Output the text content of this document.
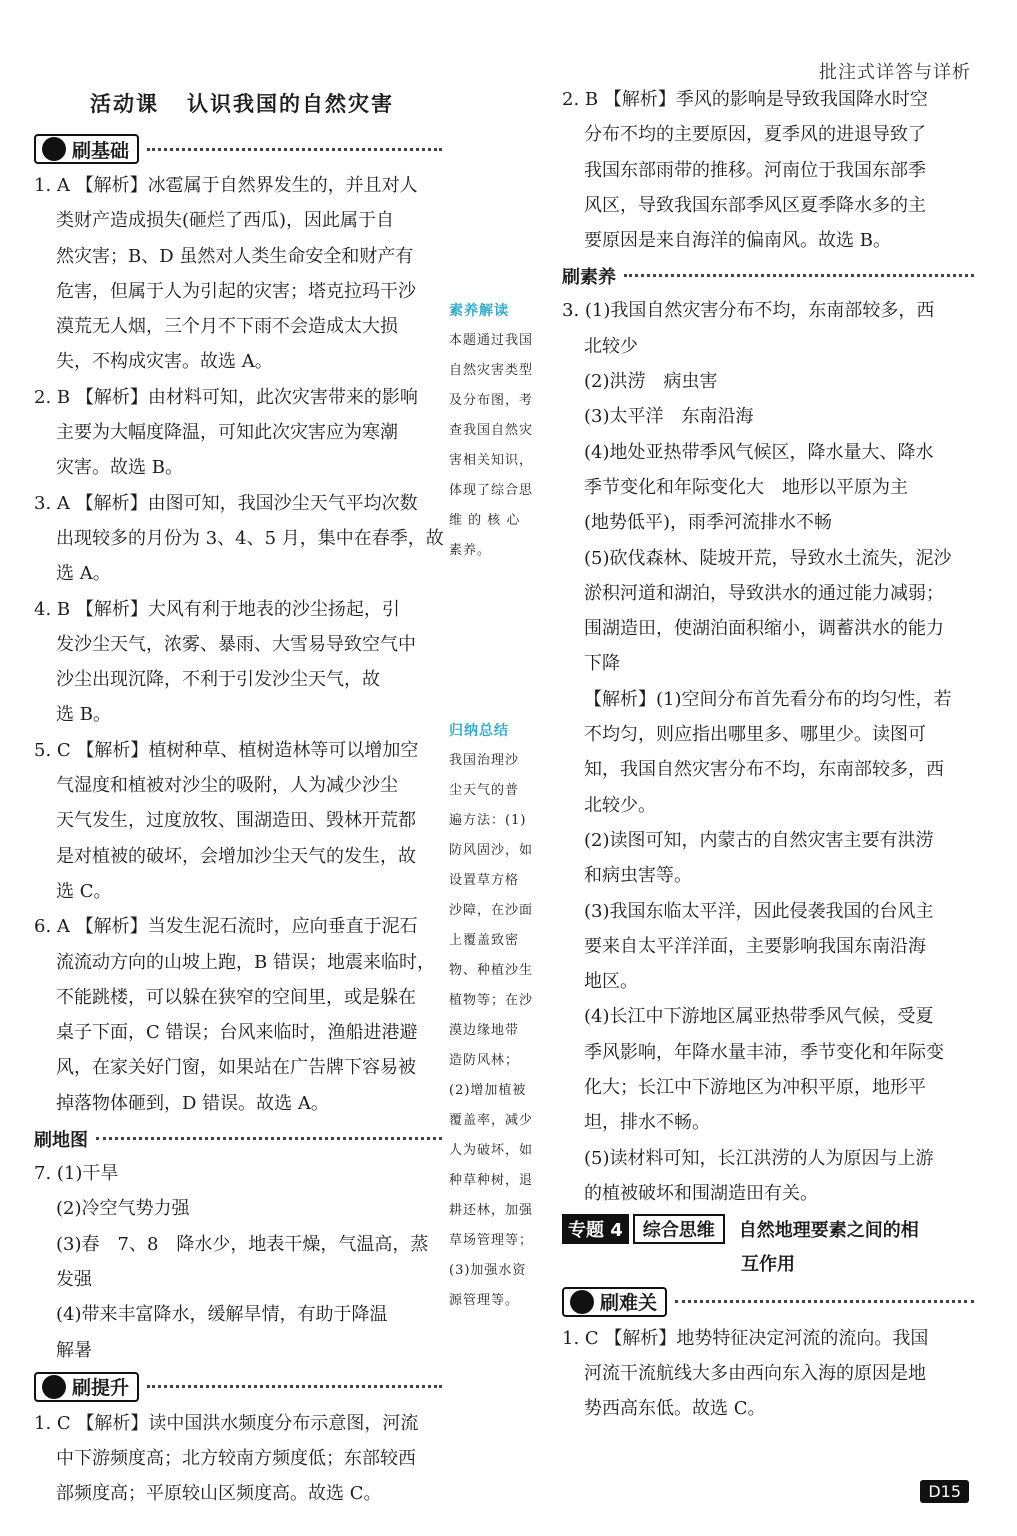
批注式详答与详析
活动课 认识我国的自然灾害
刷基础
1. A 【解析】冰雹属于自然界发生的，并且对人
类财产造成损失(砸烂了西瓜)，因此属于自
然灾害；B、D 虽然对人类生命安全和财产有
危害，但属于人为引起的灾害；塔克拉玛干沙
漠荒无人烟，三个月不下雨不会造成太大损
失，不构成灾害。故选 A。
2. B 【解析】由材料可知，此次灾害带来的影响
主要为大幅度降温，可知此次灾害应为寒潮
灾害。故选 B。
3. A 【解析】由图可知，我国沙尘天气平均次数
出现较多的月份为 3、4、5 月，集中在春季，故
选 A。
4. B 【解析】大风有利于地表的沙尘扬起，引
发沙尘天气，浓雾、暴雨、大雪易导致空气中
沙尘出现沉降，不利于引发沙尘天气，故
选 B。
5. C 【解析】植树种草、植树造林等可以增加空
气湿度和植被对沙尘的吸附，人为减少沙尘
天气发生，过度放牧、围湖造田、毁林开荒都
是对植被的破坏，会增加沙尘天气的发生，故
选 C。
6. A 【解析】当发生泥石流时，应向垂直于泥石
流流动方向的山坡上跑，B 错误；地震来临时，
不能跳楼，可以躲在狭窄的空间里，或是躲在
桌子下面，C 错误；台风来临时，渔船进港避
风，在家关好门窗，如果站在广告牌下容易被
掉落物体砸到，D 错误。故选 A。
刷地图
7. (1)干旱
(2)冷空气势力强
(3)春　7、8　降水少，地表干燥，气温高，蒸
发强
(4)带来丰富降水，缓解旱情，有助于降温
解暑
刷提升
1. C 【解析】读中国洪水频度分布示意图，河流
中下游频度高；北方较南方频度低；东部较西
部频度高；平原较山区频度高。故选 C。
素养解读
本题通过我国
自然灾害类型
及分布图，考
查我国自然灾
害相关知识，
体现了综合思
维 的 核 心
素养。
归纳总结
我国治理沙
尘天气的普
遍方法：(1)
防风固沙，如
设置草方格
沙障，在沙面
上覆盖致密
物、种植沙生
植物等；在沙
漠边缘地带
造防风林；
(2)增加植被
覆盖率，减少
人为破坏，如
种草种树，退
耕还林，加强
草场管理等；
(3)加强水资
源管理等。
2. B 【解析】季风的影响是导致我国降水时空
分布不均的主要原因，夏季风的进退导致了
我国东部雨带的推移。河南位于我国东部季
风区，导致我国东部季风区夏季降水多的主
要原因是来自海洋的偏南风。故选 B。
刷素养
3. (1)我国自然灾害分布不均，东南部较多，西
北较少
(2)洪涝　病虫害
(3)太平洋　东南沿海
(4)地处亚热带季风气候区，降水量大、降水
季节变化和年际变化大　地形以平原为主
(地势低平)，雨季河流排水不畅
(5)砍伐森林、陡坡开荒，导致水土流失，泥沙
淤积河道和湖泊，导致洪水的通过能力减弱；
围湖造田，使湖泊面积缩小，调蓄洪水的能力
下降
【解析】(1)空间分布首先看分布的均匀性，若
不均匀，则应指出哪里多、哪里少。读图可
知，我国自然灾害分布不均，东南部较多，西
北较少。
(2)读图可知，内蒙古的自然灾害主要有洪涝
和病虫害等。
(3)我国东临太平洋，因此侵袭我国的台风主
要来自太平洋洋面，主要影响我国东南沿海
地区。
(4)长江中下游地区属亚热带季风气候，受夏
季风影响，年降水量丰沛，季节变化和年际变
化大；长江中下游地区为冲积平原，地形平
坦，排水不畅。
(5)读材料可知，长江洪涝的人为原因与上游
的植被破坏和围湖造田有关。
专题 4	综合思维	自然地理要素之间的相
互作用
刷难关
1. C 【解析】地势特征决定河流的流向。我国
河流干流航线大多由西向东入海的原因是地
势西高东低。故选 C。
D15
